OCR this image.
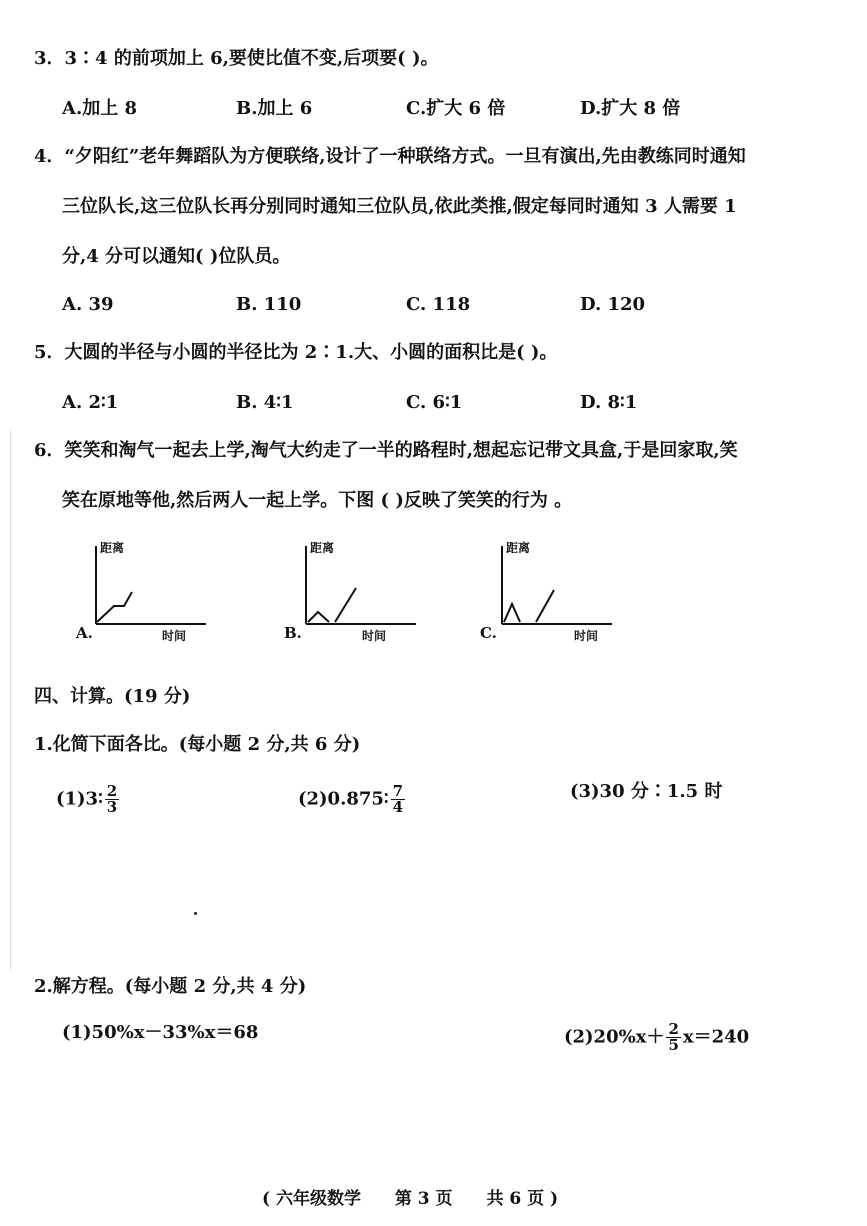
3．3∶4 的前项加上 6,要使比值不变,后项要( )。
A.加上 8	B.加上 6	C.扩大 6 倍	D.扩大 8 倍
4．“夕阳红”老年舞蹈队为方便联络,设计了一种联络方式。一旦有演出,先由教练同时通知
三位队长,这三位队长再分别同时通知三位队员,依此类推,假定每同时通知 3 人需要 1
分,4 分可以通知( )位队员。
A. 39	B. 110	C. 118	D. 120
5．大圆的半径与小圆的半径比为 2∶1.大、小圆的面积比是( )。
A. 2∶1	B. 4∶1	C. 6∶1	D. 8∶1
6．笑笑和淘气一起去上学,淘气大约走了一半的路程时,想起忘记带文具盒,于是回家取,笑
笑在原地等他,然后两人一起上学。下图 ( )反映了笑笑的行为 。
距离
时间
A.
距离
时间
B.
距离
时间
C.
四、计算。(19 分)
1.化简下面各比。(每小题 2 分,共 6 分)
(1)3∶ $\frac{2}{3}$	(2)0.875∶ $\frac{7}{4}$	(3)30 分∶1.5 时
2.解方程。(每小题 2 分,共 4 分)
(1)50%x－33%x＝68	$(2)20\%x+ \frac{2}{5} x=240$
( 六年级数学 第 3 页 共 6 页 )
